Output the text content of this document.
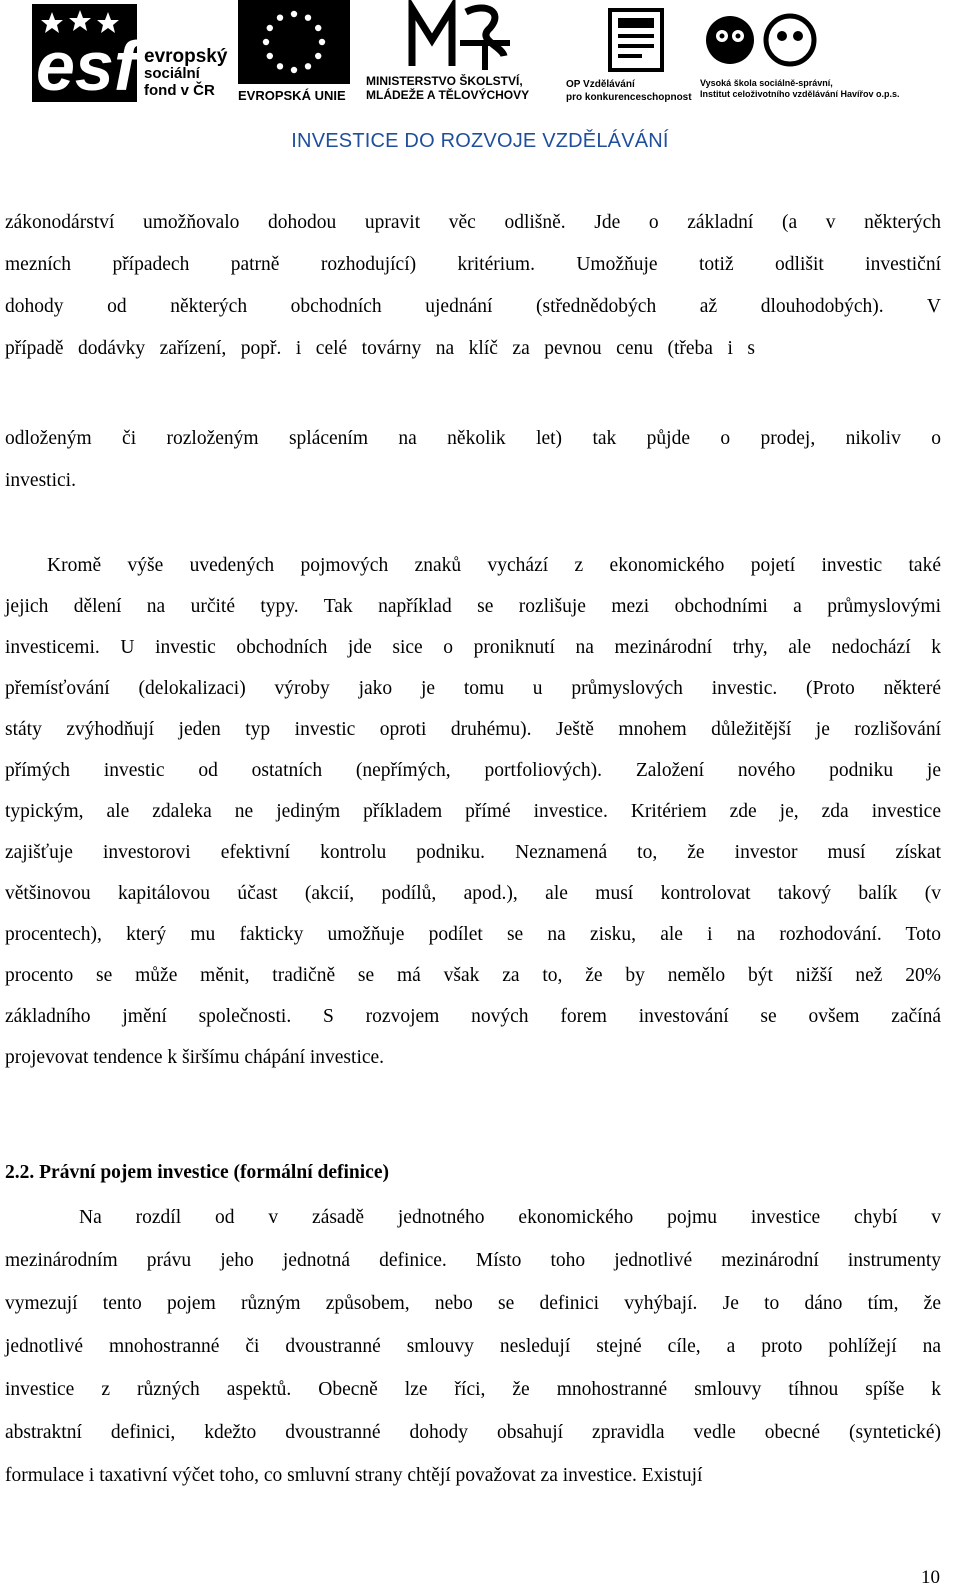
esf evropský
sociální
fond v ČR	EVROPSKÁ UNIE
MINISTERSTVO ŠKOLSTVÍ,
MLÁDEŽE A TĚLOVÝCHOVY
OP Vzdělávání
pro konkurenceschopnost
Vysoká škola sociálně-správní,
Institut celoživotního vzdělávání Havířov o.p.s.
INVESTICE DO ROZVOJE VZDĚLÁVÁNÍ
zákonodárství umožňovalo dohodou upravit věc odlišně. Jde o základní (a v některých
mezních případech patrně rozhodující) kritérium. Umožňuje totiž odlišit investiční
dohody od některých obchodních ujednání (střednědobých až dlouhodobých). V
případě dodávky zařízení, popř. i celé továrny na klíč za pevnou cenu (třeba i s
odloženým či rozloženým splácením na několik let) tak půjde o prodej, nikoliv o
investici.
Kromě výše uvedených pojmových znaků vychází z ekonomického pojetí investic také
jejich dělení na určité typy. Tak například se rozlišuje mezi obchodními a průmyslovými
investicemi. U investic obchodních jde sice o proniknutí na mezinárodní trhy, ale nedochází k
přemísťování (delokalizaci) výroby jako je tomu u průmyslových investic. (Proto některé
státy zvýhodňují jeden typ investic oproti druhému). Ještě mnohem důležitější je rozlišování
přímých investic od ostatních (nepřímých, portfoliových). Založení nového podniku je
typickým, ale zdaleka ne jediným příkladem přímé investice. Kritériem zde je, zda investice
zajišťuje investorovi efektivní kontrolu podniku. Neznamená to, že investor musí získat
většinovou kapitálovou účast (akcií, podílů, apod.), ale musí kontrolovat takový balík (v
procentech), který mu fakticky umožňuje podílet se na zisku, ale i na rozhodování. Toto
procento se může měnit, tradičně se má však za to, že by nemělo být nižší než 20%
základního jmění společnosti. S rozvojem nových forem investování se ovšem začíná
projevovat tendence k širšímu chápání investice.
2.2. Právní pojem investice (formální definice)
Na rozdíl od v zásadě jednotného ekonomického pojmu investice chybí v
mezinárodním právu jeho jednotná definice. Místo toho jednotlivé mezinárodní instrumenty
vymezují tento pojem různým způsobem, nebo se definici vyhýbají. Je to dáno tím, že
jednotlivé mnohostranné či dvoustranné smlouvy nesledují stejné cíle, a proto pohlížejí na
investice z různých aspektů. Obecně lze říci, že mnohostranné smlouvy tíhnou spíše k
abstraktní definici, kdežto dvoustranné dohody obsahují zpravidla vedle obecné (syntetické)
formulace i taxativní výčet toho, co smluvní strany chtějí považovat za investice. Existují
10
